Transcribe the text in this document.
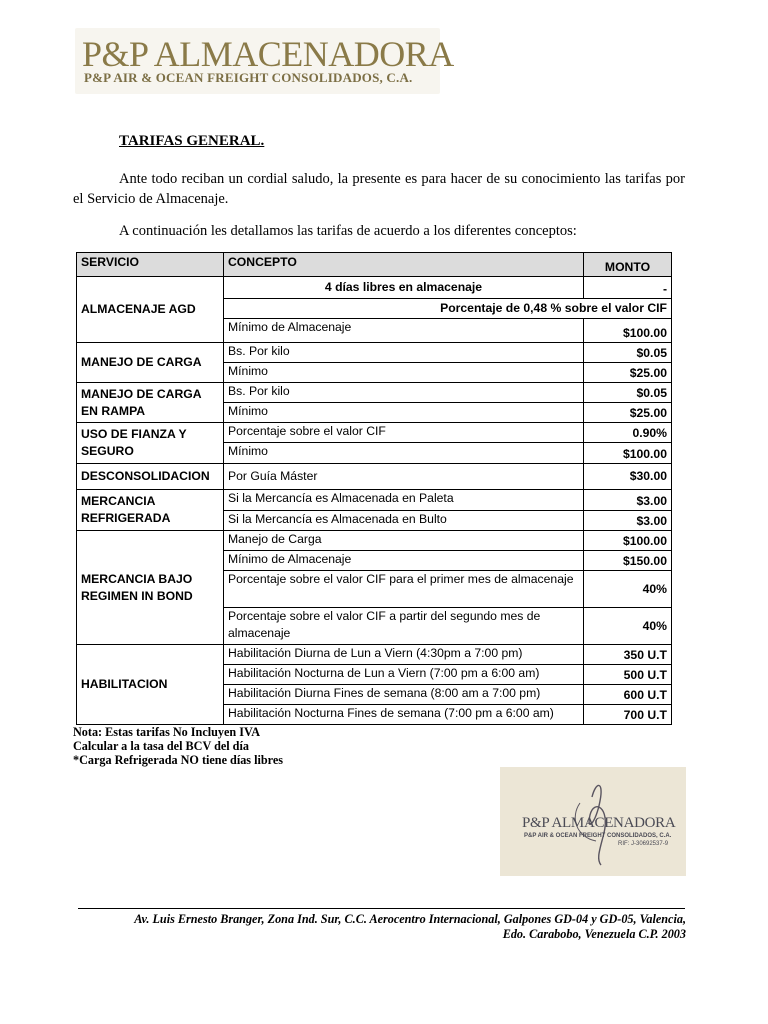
P&P ALMACENADORA
P&P AIR & OCEAN FREIGHT CONSOLIDADOS, C.A.
TARIFAS GENERAL.
Ante todo reciban un cordial saludo, la presente es para hacer de su conocimiento las tarifas por el Servicio de Almacenaje.
A continuación les detallamos las tarifas de acuerdo a los diferentes conceptos:
SERVICIO	CONCEPTO	MONTO
ALMACENAJE AGD	4 días libres en almacenaje	-
	Porcentaje de 0,48 % sobre el valor CIF	
	Mínimo de Almacenaje	$100.00
MANEJO DE CARGA	Bs. Por kilo	$0.05
	Mínimo	$25.00
MANEJO DE CARGA EN RAMPA	Bs. Por kilo	$0.05
	Mínimo	$25.00
USO DE FIANZA Y SEGURO	Porcentaje sobre el valor CIF	0.90%
	Mínimo	$100.00
DESCONSOLIDACION	Por Guía Máster	$30.00
MERCANCIA REFRIGERADA	Si la Mercancía es Almacenada en Paleta	$3.00
	Si la Mercancía es Almacenada en Bulto	$3.00
MERCANCIA BAJO REGIMEN IN BOND	Manejo de Carga	$100.00
	Mínimo de Almacenaje	$150.00
	Porcentaje sobre el valor CIF para el primer mes de almacenaje	40%
	Porcentaje sobre el valor CIF a partir del segundo mes de almacenaje	40%
HABILITACION	Habilitación Diurna de Lun a Viern (4:30pm a 7:00 pm)	350 U.T
	Habilitación Nocturna de Lun a Viern (7:00 pm a 6:00 am)	500 U.T
	Habilitación Diurna Fines de semana (8:00 am a 7:00 pm)	600 U.T
	Habilitación Nocturna Fines de semana (7:00 pm a 6:00 am)	700 U.T
Nota: Estas tarifas No Incluyen IVA
Calcular a la tasa del BCV del día
*Carga Refrigerada NO tiene días libres
P&P ALMACENADORA
P&P AIR & OCEAN FREIGHT CONSOLIDADOS, C.A.
RIF: J-30692537-9
Av. Luis Ernesto Branger, Zona Ind. Sur, C.C. Aerocentro Internacional, Galpones GD-04 y GD-05, Valencia,
Edo. Carabobo, Venezuela C.P. 2003
